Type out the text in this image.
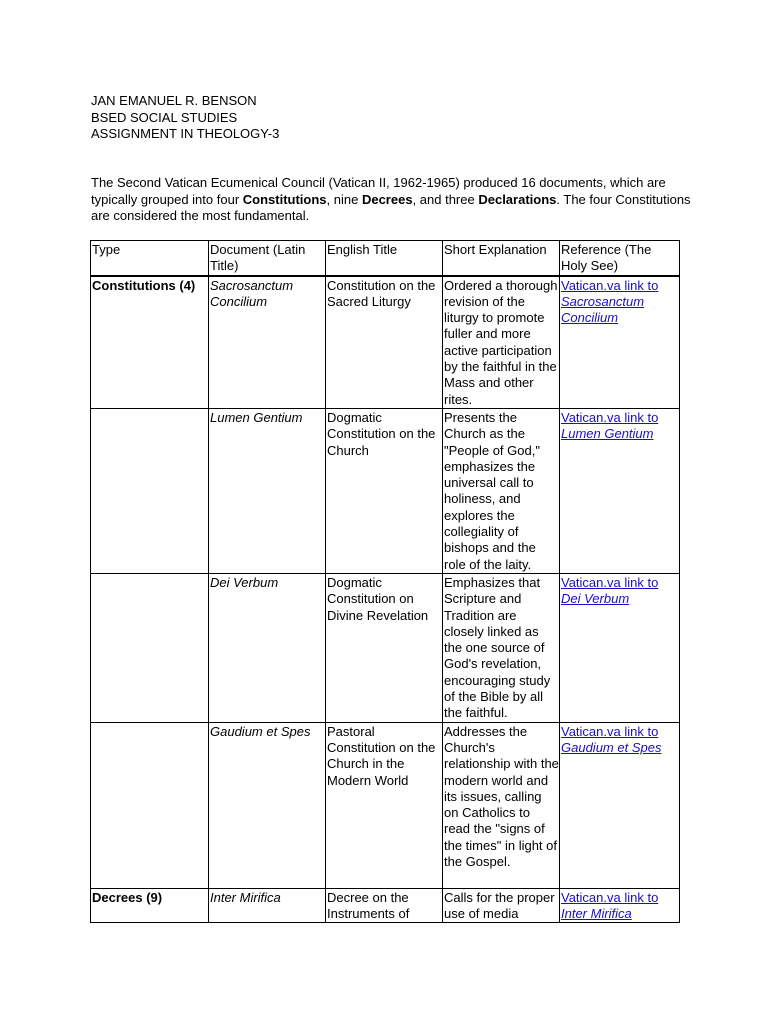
JAN EMANUEL R. BENSON
BSED SOCIAL STUDIES
ASSIGNMENT IN THEOLOGY-3
The Second Vatican Ecumenical Council (Vatican II, 1962-1965) produced 16 documents, which are typically grouped into four Constitutions, nine Decrees, and three Declarations. The four Constitutions are considered the most fundamental.
Type	Document (Latin Title)	English Title	Short Explanation	Reference (The Holy See)
Constitutions (4)	Sacrosanctum Concilium	Constitution on the Sacred Liturgy	Ordered a thorough revision of the liturgy to promote fuller and more active participation by the faithful in the Mass and other rites.	Vatican.va link to Sacrosanctum Concilium
	Lumen Gentium	Dogmatic Constitution on the Church	Presents the Church as the "People of God," emphasizes the universal call to holiness, and explores the collegiality of bishops and the role of the laity.	Vatican.va link to Lumen Gentium
	Dei Verbum	Dogmatic Constitution on Divine Revelation	Emphasizes that Scripture and Tradition are closely linked as the one source of God's revelation, encouraging study of the Bible by all the faithful.	Vatican.va link to Dei Verbum
	Gaudium et Spes	Pastoral Constitution on the Church in the Modern World	Addresses the Church's relationship with the modern world and its issues, calling on Catholics to read the "signs of the times" in light of the Gospel.	Vatican.va link to Gaudium et Spes
Decrees (9)	Inter Mirifica	Decree on the Instruments of	Calls for the proper use of media	Vatican.va link to Inter Mirifica
